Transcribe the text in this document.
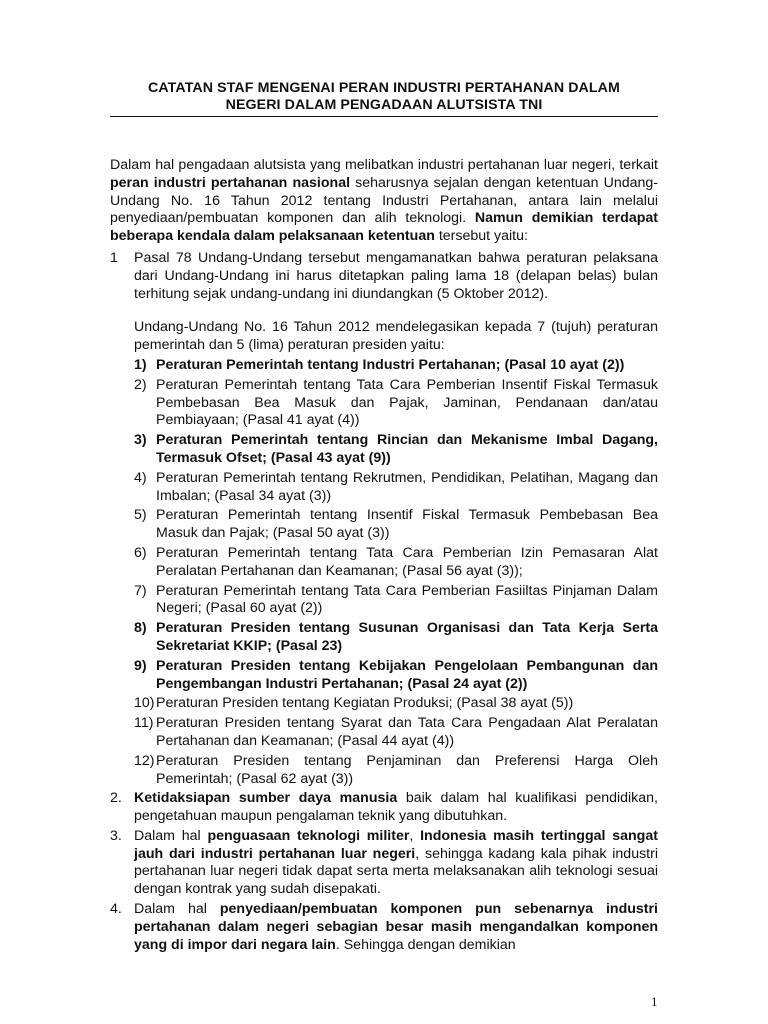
CATATAN STAF MENGENAI PERAN INDUSTRI PERTAHANAN DALAM
NEGERI DALAM PENGADAAN ALUTSISTA TNI

Dalam hal pengadaan alutsista yang melibatkan industri pertahanan luar negeri, terkait peran industri pertahanan nasional seharusnya sejalan dengan ketentuan Undang-Undang No. 16 Tahun 2012 tentang Industri Pertahanan, antara lain melalui penyediaan/pembuatan komponen dan alih teknologi. Namun demikian terdapat beberapa kendala dalam pelaksanaan ketentuan tersebut yaitu:

1 Pasal 78 Undang-Undang tersebut mengamanatkan bahwa peraturan pelaksana dari Undang-Undang ini harus ditetapkan paling lama 18 (delapan belas) bulan terhitung sejak undang-undang ini diundangkan (5 Oktober 2012).

Undang-Undang No. 16 Tahun 2012 mendelegasikan kepada 7 (tujuh) peraturan pemerintah dan 5 (lima) peraturan presiden yaitu:

1) Peraturan Pemerintah tentang Industri Pertahanan; (Pasal 10 ayat (2))

2) Peraturan Pemerintah tentang Tata Cara Pemberian Insentif Fiskal Termasuk Pembebasan Bea Masuk dan Pajak, Jaminan, Pendanaan dan/atau Pembiayaan; (Pasal 41 ayat (4))

3) Peraturan Pemerintah tentang Rincian dan Mekanisme Imbal Dagang, Termasuk Ofset; (Pasal 43 ayat (9))

4) Peraturan Pemerintah tentang Rekrutmen, Pendidikan, Pelatihan, Magang dan Imbalan; (Pasal 34 ayat (3))

5) Peraturan Pemerintah tentang Insentif Fiskal Termasuk Pembebasan Bea Masuk dan Pajak; (Pasal 50 ayat (3))

6) Peraturan Pemerintah tentang Tata Cara Pemberian Izin Pemasaran Alat Peralatan Pertahanan dan Keamanan; (Pasal 56 ayat (3));

7) Peraturan Pemerintah tentang Tata Cara Pemberian Fasiiltas Pinjaman Dalam Negeri; (Pasal 60 ayat (2))

8) Peraturan Presiden tentang Susunan Organisasi dan Tata Kerja Serta Sekretariat KKIP; (Pasal 23)

9) Peraturan Presiden tentang Kebijakan Pengelolaan Pembangunan dan Pengembangan Industri Pertahanan; (Pasal 24 ayat (2))

10) Peraturan Presiden tentang Kegiatan Produksi; (Pasal 38 ayat (5))

11) Peraturan Presiden tentang Syarat dan Tata Cara Pengadaan Alat Peralatan Pertahanan dan Keamanan; (Pasal 44 ayat (4))

12) Peraturan Presiden tentang Penjaminan dan Preferensi Harga Oleh Pemerintah; (Pasal 62 ayat (3))

2. Ketidaksiapan sumber daya manusia baik dalam hal kualifikasi pendidikan, pengetahuan maupun pengalaman teknik yang dibutuhkan.

3. Dalam hal penguasaan teknologi militer, Indonesia masih tertinggal sangat jauh dari industri pertahanan luar negeri, sehingga kadang kala pihak industri pertahanan luar negeri tidak dapat serta merta melaksanakan alih teknologi sesuai dengan kontrak yang sudah disepakati.

4. Dalam hal penyediaan/pembuatan komponen pun sebenarnya industri pertahanan dalam negeri sebagian besar masih mengandalkan komponen yang di impor dari negara lain. Sehingga dengan demikian

1
